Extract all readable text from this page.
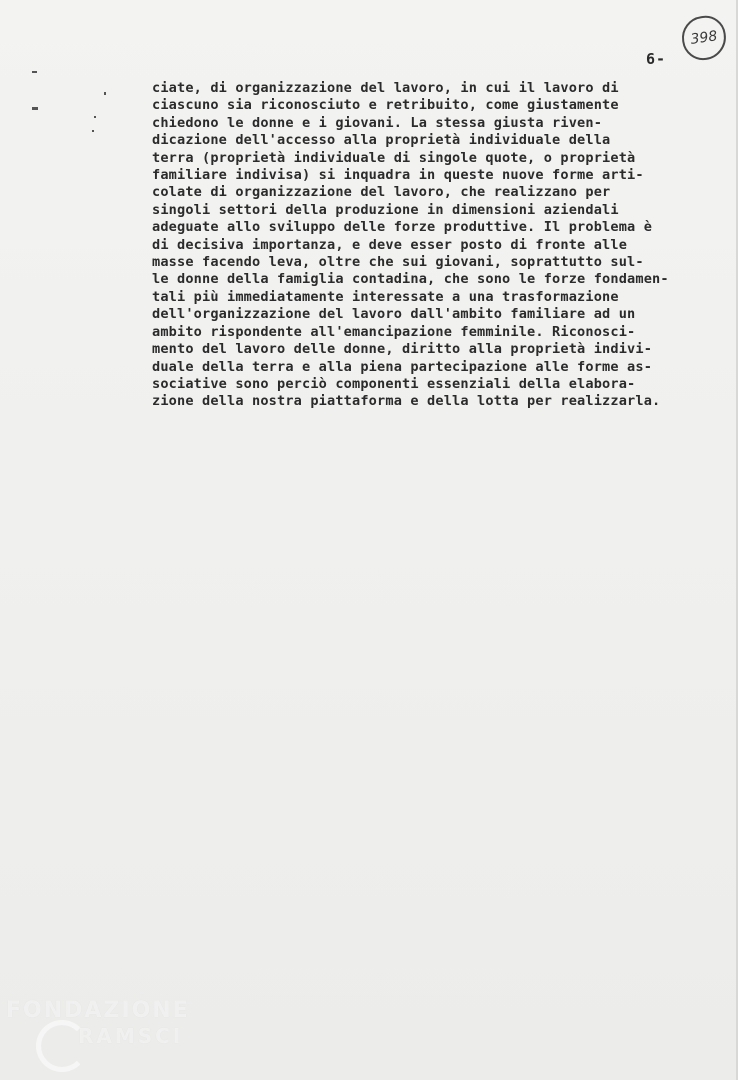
398
6-
ciate, di organizzazione del lavoro, in cui il lavoro di
ciascuno sia riconosciuto e retribuito, come giustamente
chiedono le donne e i giovani. La stessa giusta riven-
dicazione dell'accesso alla proprietà individuale della
terra (proprietà individuale di singole quote, o proprietà
familiare indivisa) si inquadra in queste nuove forme arti-
colate di organizzazione del lavoro, che realizzano per
singoli settori della produzione in dimensioni aziendali
adeguate allo sviluppo delle forze produttive. Il problema è
di decisiva importanza, e deve esser posto di fronte alle
masse facendo leva, oltre che sui giovani, soprattutto sul-
le donne della famiglia contadina, che sono le forze fondamen-
tali più immediatamente interessate a una trasformazione
dell'organizzazione del lavoro dall'ambito familiare ad un
ambito rispondente all'emancipazione femminile. Riconosci-
mento del lavoro delle donne, diritto alla proprietà indivi-
duale della terra e alla piena partecipazione alle forme as-
sociative sono perciò componenti essenziali della elabora-
zione della nostra piattaforma e della lotta per realizzarla.
FONDAZIONE
RAMSCI
